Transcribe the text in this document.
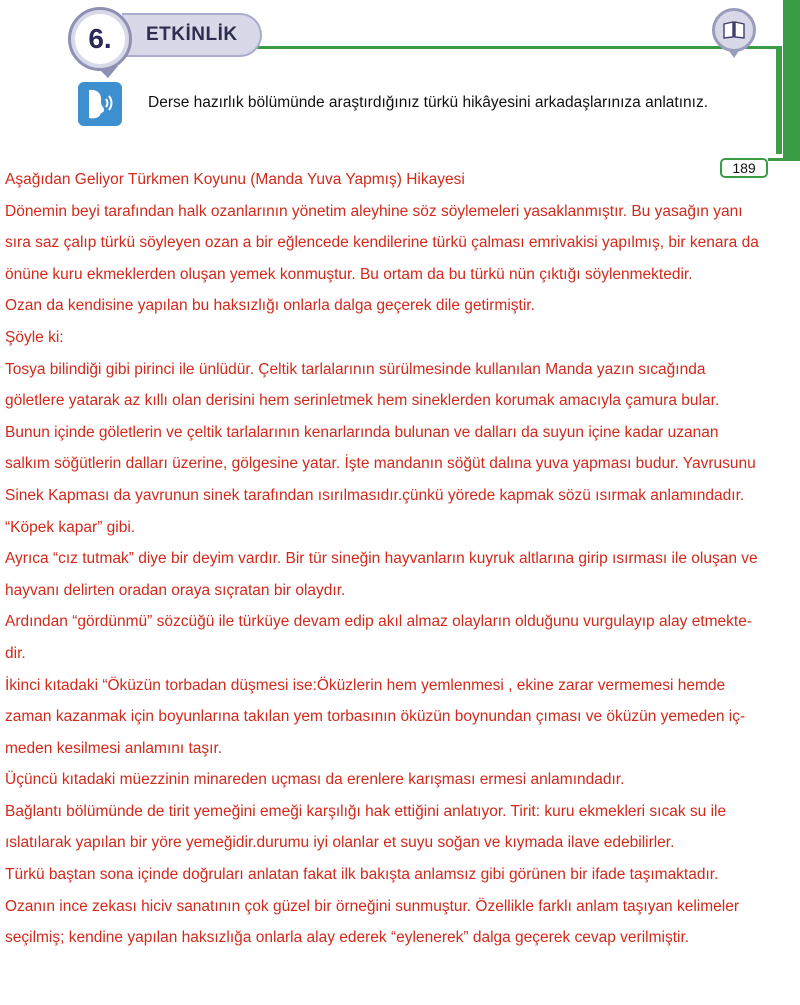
ETKİNLİK
6.
Derse hazırlık bölümünde araştırdığınız türkü hikâyesini arkadaşlarınıza anlatınız.
189
Aşağıdan Geliyor Türkmen Koyunu (Manda Yuva Yapmış) Hikayesi
Dönemin beyi tarafından halk ozanlarının yönetim aleyhine söz söylemeleri yasaklanmıştır. Bu yasağın yanı
sıra saz çalıp türkü söyleyen ozan a bir eğlencede kendilerine türkü çalması emrivakisi yapılmış, bir kenara da
önüne kuru ekmeklerden oluşan yemek konmuştur. Bu ortam da bu türkü nün çıktığı söylenmektedir.
Ozan da kendisine yapılan bu haksızlığı onlarla dalga geçerek dile getirmiştir.
Şöyle ki:
Tosya bilindiği gibi pirinci ile ünlüdür. Çeltik tarlalarının sürülmesinde kullanılan Manda yazın sıcağında
göletlere yatarak az kıllı olan derisini hem serinletmek hem sineklerden korumak amacıyla çamura bular.
Bunun içinde göletlerin ve çeltik tarlalarının kenarlarında bulunan ve dalları da suyun içine kadar uzanan
salkım söğütlerin dalları üzerine, gölgesine yatar. İşte mandanın söğüt dalına yuva yapması budur. Yavrusunu
Sinek Kapması da yavrunun sinek tarafından ısırılmasıdır.çünkü yörede kapmak sözü ısırmak anlamındadır.
“Köpek kapar” gibi.
Ayrıca “cız tutmak” diye bir deyim vardır. Bir tür sineğin hayvanların kuyruk altlarına girip ısırması ile oluşan ve
hayvanı delirten oradan oraya sıçratan bir olaydır.
Ardından “gördünmü” sözcüğü ile türküye devam edip akıl almaz olayların olduğunu vurgulayıp alay etmekte-
dir.
İkinci kıtadaki “Öküzün torbadan düşmesi ise:Öküzlerin hem yemlenmesi , ekine zarar vermemesi hemde
zaman kazanmak için boyunlarına takılan yem torbasının öküzün boynundan çıması ve öküzün yemeden iç-
meden kesilmesi anlamını taşır.
Üçüncü kıtadaki müezzinin minareden uçması da erenlere karışması ermesi anlamındadır.
Bağlantı bölümünde de tirit yemeğini emeği karşılığı hak ettiğini anlatıyor. Tirit: kuru ekmekleri sıcak su ile
ıslatılarak yapılan bir yöre yemeğidir.durumu iyi olanlar et suyu soğan ve kıymada ilave edebilirler.
Türkü baştan sona içinde doğruları anlatan fakat ilk bakışta anlamsız gibi görünen bir ifade taşımaktadır.
Ozanın ince zekası hiciv sanatının çok güzel bir örneğini sunmuştur. Özellikle farklı anlam taşıyan kelimeler
seçilmiş; kendine yapılan haksızlığa onlarla alay ederek “eylenerek” dalga geçerek cevap verilmiştir.
